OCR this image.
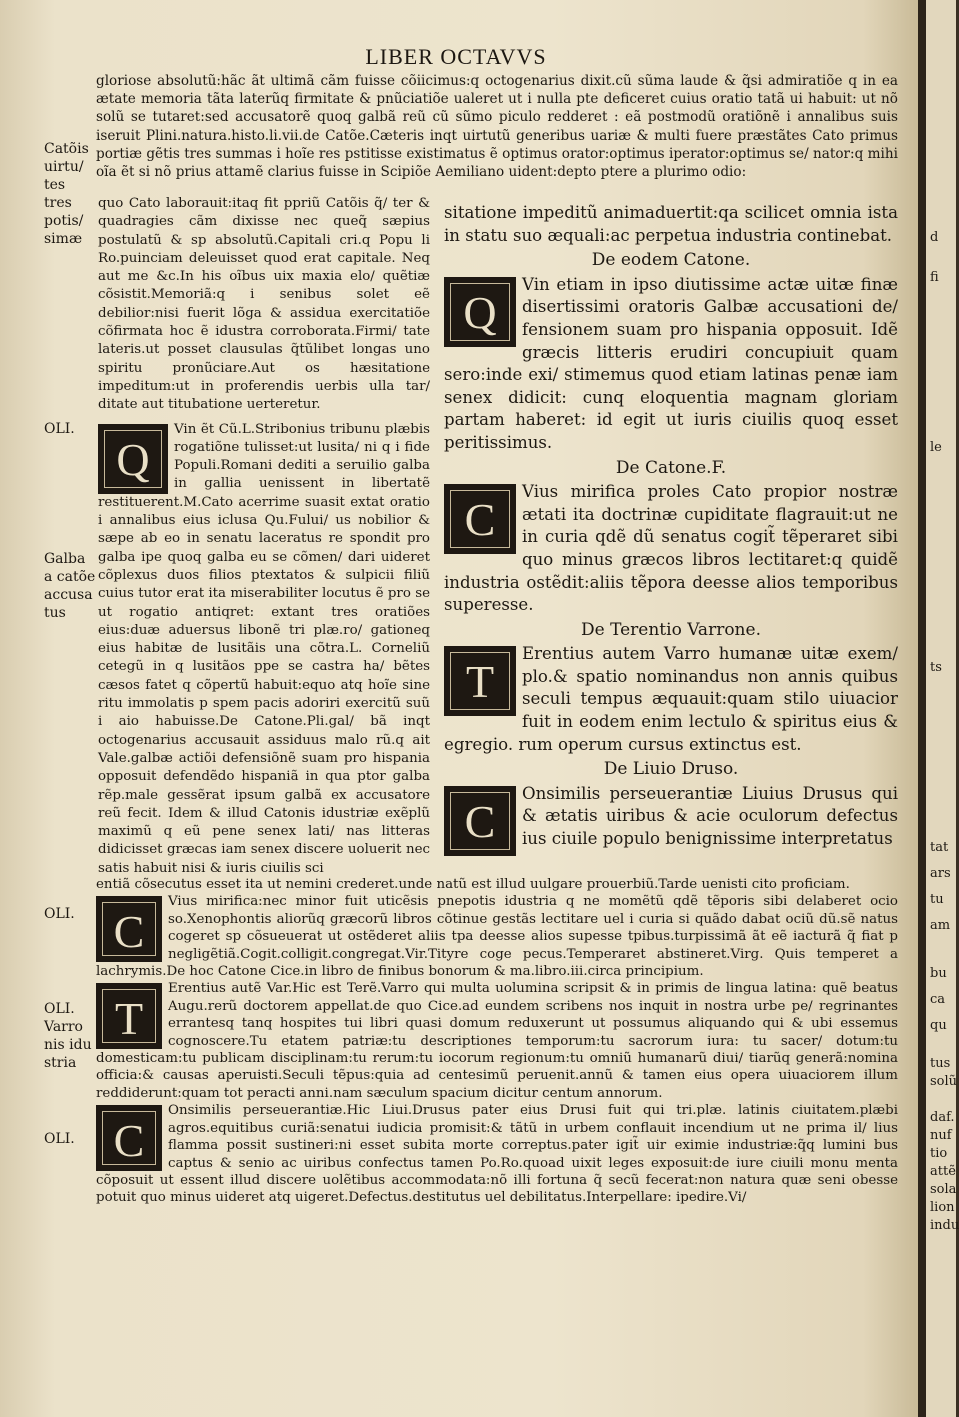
LIBER OCTAVVS
Catõis uirtu/ tes tres potis/ simæ
OLI.
Galba a catõe accusa tus
OLI.
OLI. Varro nis idu stria
OLI.

gloriose absolutũ:hãc ãt ultimã cãm fuisse cõiicimus:q octogenarius dixit.cũ sũma laude & q̃si admiratiõe q in ea ætate memoria tãta laterũq firmitate & pnũciatiõe ualeret ut i nulla pte deficeret cuius oratio tatã ui habuit: ut nõ solũ se tutaret:sed accusatorẽ quoq galbã reũ cũ sũmo piculo redderet : eã postmodũ oratiõnẽ i annalibus suis iseruit Plini.natura.histo.li.vii.de Catõe.Cæteris inqt uirtutũ generibus uariæ & multi fuere præstãtes Cato primus portiæ gẽtis tres summas i hoĩe res pstitisse existimatus ẽ optimus orator:optimus iperator:optimus se/ nator:q mihi oĩa ẽt si nõ prius attamẽ clarius fuisse in Scipiõe Aemiliano uident:depto ptere a plurimo odio:

quo Cato laborauit:itaq fit ppriũ Catõis q̃/ ter & quadragies cãm dixisse nec queq̃ sæpius postulatũ & sp absolutũ.Capitali cri.q Popu li Ro.puinciam deleuisset quod erat capitale. Neq aut me &c.In his oĩbus uix maxia elo/ quẽtiæ cõsistit.Memoriã:q i senibus solet eẽ debilior:nisi fuerit lõga & assidua exercitatiõe cõfirmata hoc ẽ idustra corroborata.Firmi/ tate lateris.ut posset clausulas q̃tũlibet longas uno spiritu pronũciare.Aut os hæsitatione impeditum:ut in proferendis uerbis ulla tar/ ditate aut titubatione uerteretur.

Q
Vin ẽt Cũ.L.Stribonius tribunu plæbis rogatiõne tulisset:ut lusita/ ni q i fide Populi.Romani dediti a seruilio galba in gallia uenissent in libertatẽ restituerent.M.Cato acerrime suasit extat oratio i annalibus eius iclusa Qu.Fului/ us nobilior & sæpe ab eo in senatu laceratus re spondit pro galba ipe quoq galba eu se cõmen/ dari uideret cõplexus duos filios ptextatos & sulpicii filiũ cuius tutor erat ita miserabiliter locutus ẽ pro se ut rogatio antiqret: extant tres oratiões eius:duæ aduersus libonẽ tri plæ.ro/ gationeq eius habitæ de lusitãis una cõtra.L. Corneliũ cetegũ in q lusitãos ppe se castra ha/ bẽtes cæsos fatet q cõpertũ habuit:equo atq hoĩe sine ritu immolatis p spem pacis adoriri exercitũ suũ i aio habuisse.De Catone.Pli.gal/ bã inqt octogenarius accusauit assiduus malo rũ.q ait Vale.galbæ actiõi defensiõnẽ suam pro hispania opposuit defendẽdo hispaniã in qua ptor galba rẽp.male gessẽrat ipsum galbã ex accusatore reũ fecit. Idem & illud Catonis idustriæ exẽplũ maximũ q eũ pene senex lati/ nas litteras didicisset græcas iam senex discere uoluerit nec satis habuit nisi & iuris ciuilis sci

sitatione impeditũ animaduertit:qa scilicet omnia ista in statu suo æquali:ac perpetua industria continebat.

De eodem Catone.

Q
Vin etiam in ipso diutissime actæ uitæ finæ disertissimi oratoris Galbæ accusationi de/ fensionem suam pro hispania opposuit. Idẽ græcis litteris erudiri concupiuit quam sero:inde exi/ stimemus quod etiam latinas penæ iam senex didicit: cunq eloquentia magnam gloriam partam haberet: id egit ut iuris ciuilis quoq esset peritissimus.

De Catone.F.

C
Vius mirifica proles Cato propior nostræ ætati ita doctrinæ cupiditate flagrauit:ut ne in curia qdẽ dũ senatus cogit̃ tẽperaret sibi quo minus græcos libros lectitaret:q quidẽ industria ostẽdit:aliis tẽpora deesse alios temporibus superesse.

De Terentio Varrone.

T
Erentius autem Varro humanæ uitæ exem/ plo.& spatio nominandus non annis quibus seculi tempus æquauit:quam stilo uiuacior fuit in eodem enim lectulo & spiritus eius & egregio. rum operum cursus extinctus est.

De Liuio Druso.

C
Onsimilis perseuerantiæ Liuius Drusus qui & ætatis uiribus & acie oculorum defectus ius ciuile populo benignissime interpretatus

entiã cõsecutus esset ita ut nemini crederet.unde natũ est illud uulgare prouerbiũ.Tarde uenisti cito proficiam.

C
Vius mirifica:nec minor fuit uticẽsis pnepotis idustria q ne momẽtũ qdẽ tẽporis sibi delaberet ocio so.Xenophontis aliorũq græcorũ libros cõtinue gestãs lectitare uel i curia si quãdo dabat ociũ dũ.sẽ natus cogeret sp cõsueuerat ut ostẽderet aliis tpa deesse alios supesse tpibus.turpissimã ãt eẽ iacturã q̃ fiat p negligẽtiã.Cogit.colligit.congregat.Vir.Tityre coge pecus.Temperaret abstineret.Virg. Quis temperet a lachrymis.De hoc Catone Cice.in libro de finibus bonorum & ma.libro.iii.circa principium.

T
Erentius autẽ Var.Hic est Terẽ.Varro qui multa uolumina scripsit & in primis de lingua latina: quẽ beatus Augu.rerũ doctorem appellat.de quo Cice.ad eundem scribens nos inquit in nostra urbe pe/ regrinantes errantesq tanq hospites tui libri quasi domum reduxerunt ut possumus aliquando qui & ubi essemus cognoscere.Tu etatem patriæ:tu descriptiones temporum:tu sacrorum iura: tu sacer/ dotum:tu domesticam:tu publicam disciplinam:tu rerum:tu iocorum regionum:tu omniũ humanarũ diui/ tiarũq generã:nomina officia:& causas aperuisti.Seculi tẽpus:quia ad centesimũ peruenit.annũ & tamen eius opera uiuaciorem illum reddiderunt:quam tot peracti anni.nam sæculum spacium dicitur centum annorum.

C
Onsimilis perseuerantiæ.Hic Liui.Drusus pater eius Drusi fuit qui tri.plæ. latinis ciuitatem.plæbi agros.equitibus curiã:senatui iudicia promisit:& tãtũ in urbem conflauit incendium ut ne prima il/ lius flamma possit sustineri:ni esset subita morte correptus.pater igit̃ uir eximie industriæ:q̃q lumini bus captus & senio ac uiribus confectus tamen Po.Ro.quoad uixit leges exposuit:de iure ciuili monu menta cõposuit ut essent illud discere uolẽtibus accommodata:nõ illi fortuna q̃ secũ fecerat:non natura quæ seni obesse potuit quo minus uideret atq uigeret.Defectus.destitutus uel debilitatus.Interpellare: ipedire.Vi/

d
fi
le
ts
tat
ars
tu
am
bu
ca
qu
tus
solũ
daf.
nuf
tio
attẽ
sola
lion
indu
